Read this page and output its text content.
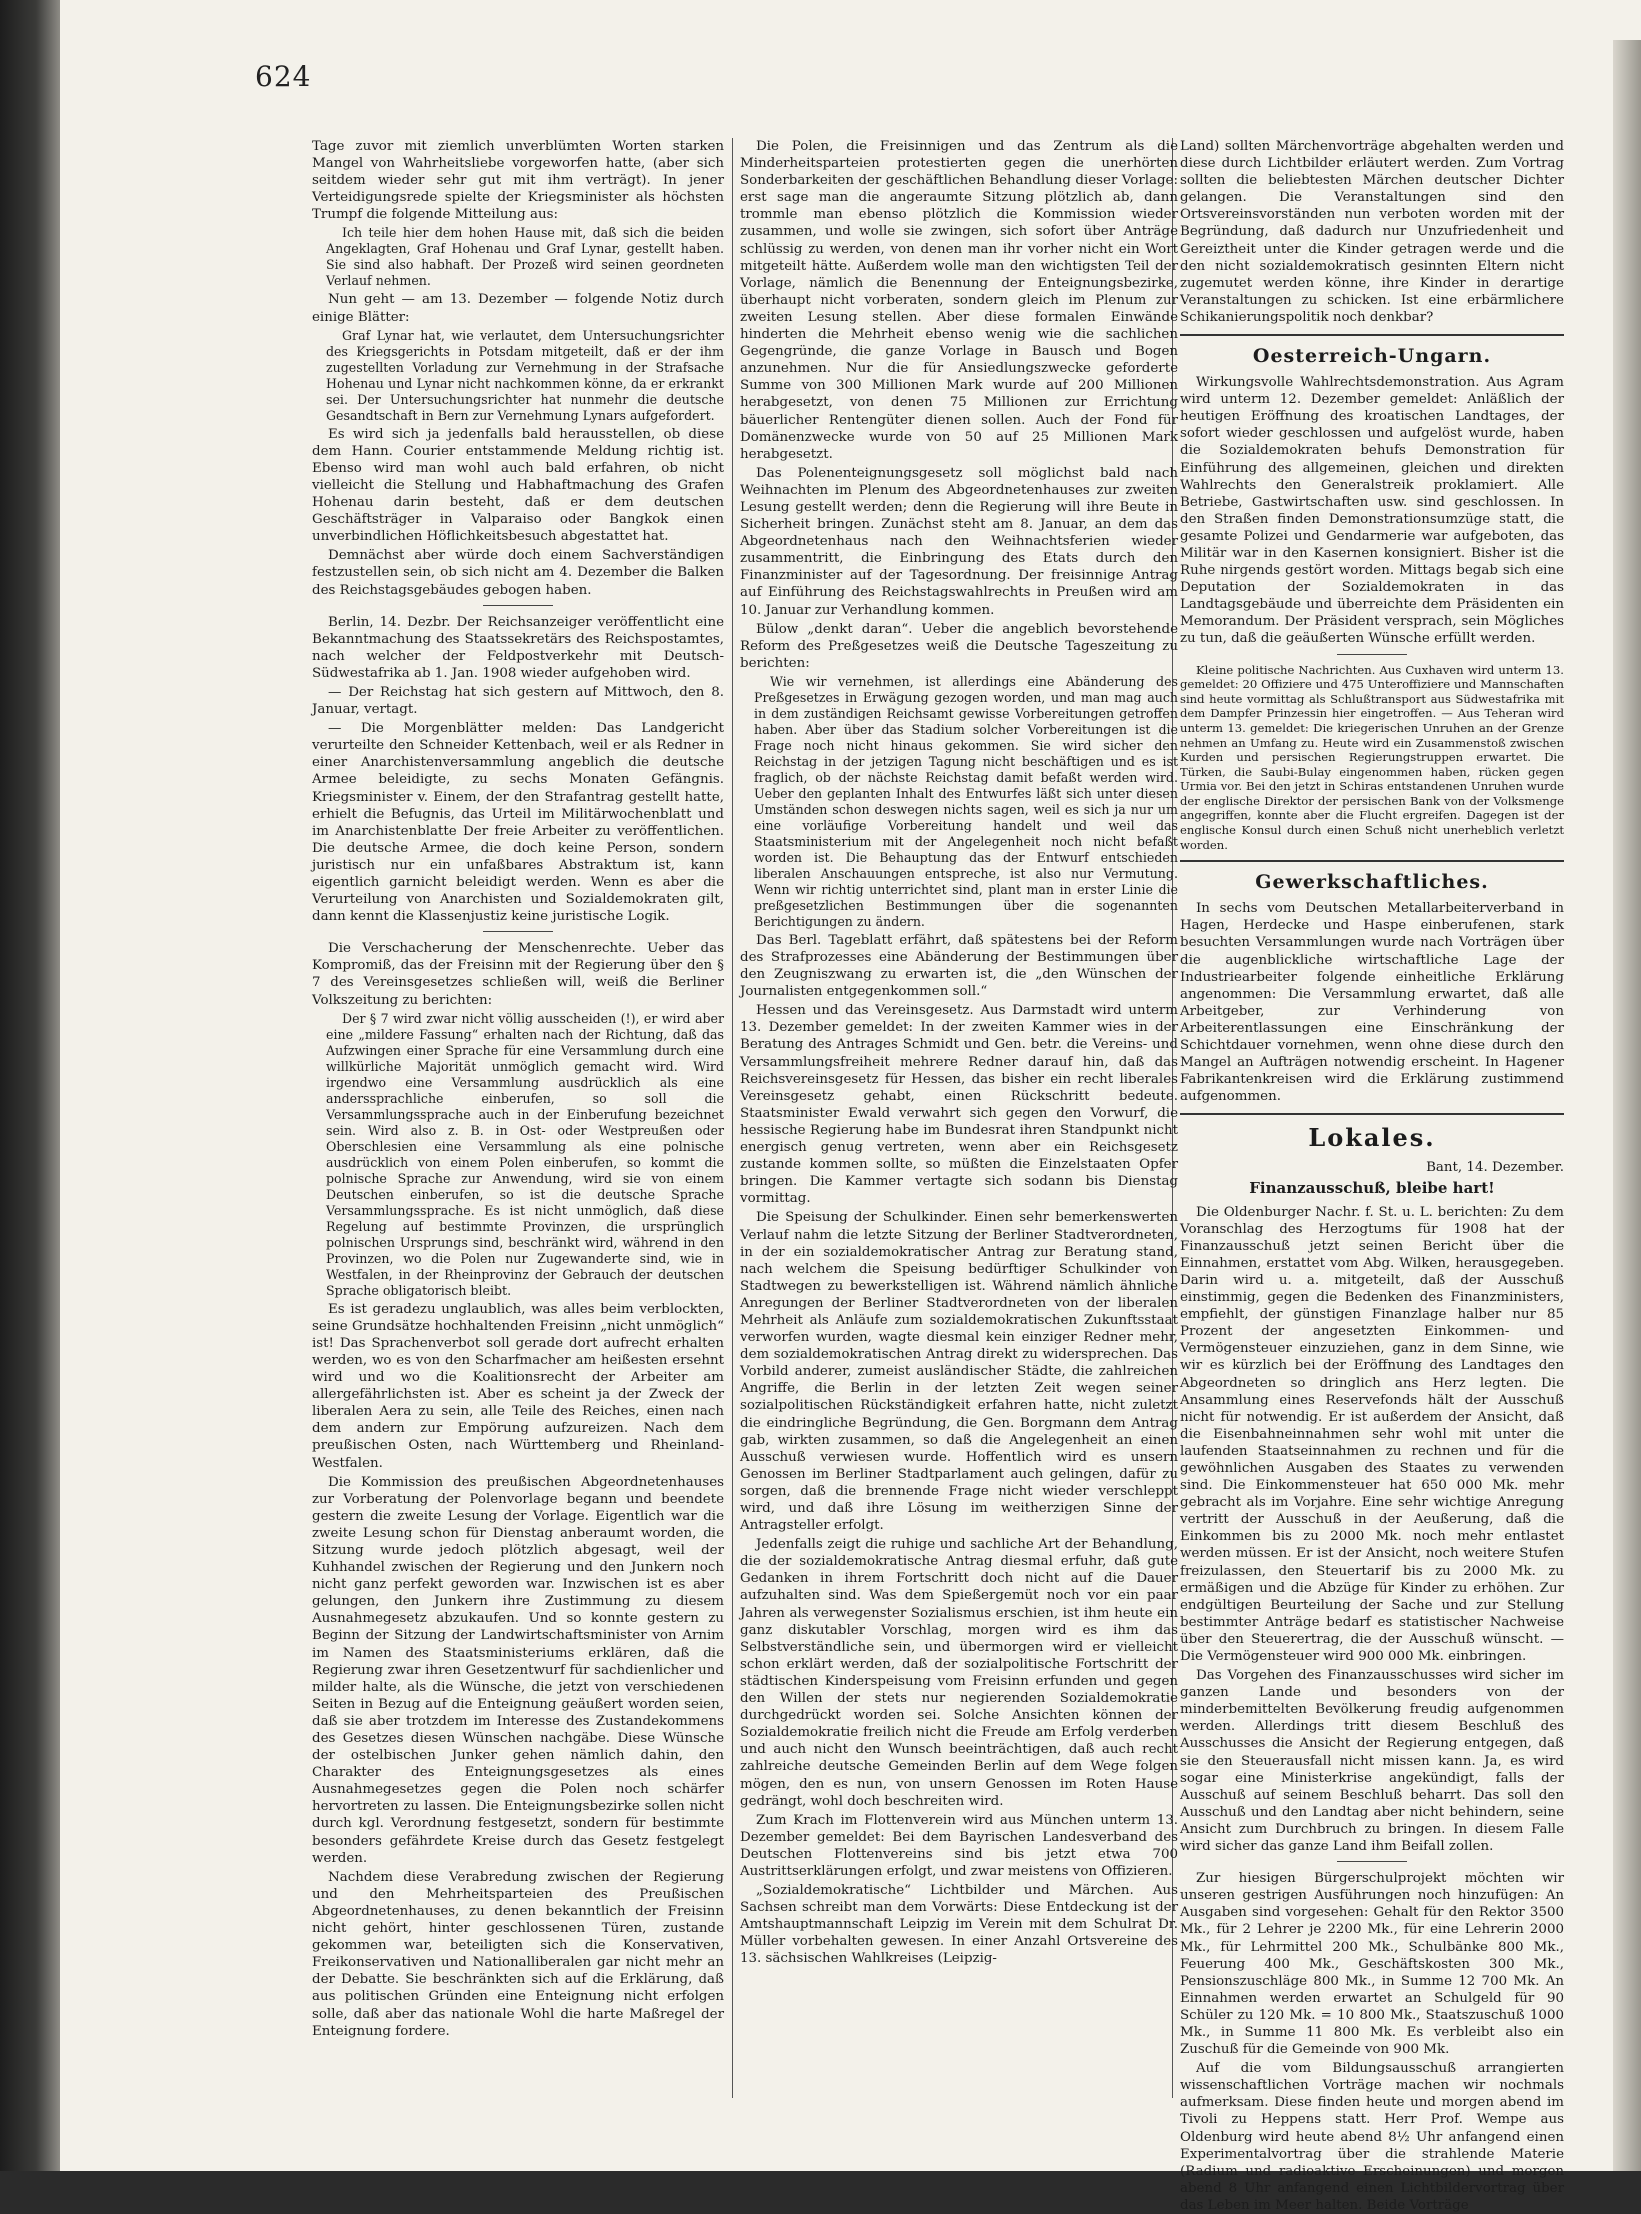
624

Tage zuvor mit ziemlich unverblümten Worten starken Mangel von Wahrheitsliebe vorgeworfen hatte, (aber sich seitdem wieder sehr gut mit ihm verträgt). In jener Verteidigungsrede spielte der Kriegsminister als höchsten Trumpf die folgende Mitteilung aus:

Ich teile hier dem hohen Hause mit, daß sich die beiden Angeklagten, Graf Hohenau und Graf Lynar, gestellt haben. Sie sind also habhaft. Der Prozeß wird seinen geordneten Verlauf nehmen.

Nun geht — am 13. Dezember — folgende Notiz durch einige Blätter:

Graf Lynar hat, wie verlautet, dem Untersuchungsrichter des Kriegsgerichts in Potsdam mitgeteilt, daß er der ihm zugestellten Vorladung zur Vernehmung in der Strafsache Hohenau und Lynar nicht nachkommen könne, da er erkrankt sei. Der Untersuchungsrichter hat nunmehr die deutsche Gesandtschaft in Bern zur Vernehmung Lynars aufgefordert.

Es wird sich ja jedenfalls bald herausstellen, ob diese dem Hann. Courier entstammende Meldung richtig ist. Ebenso wird man wohl auch bald erfahren, ob nicht vielleicht die Stellung und Habhaftmachung des Grafen Hohenau darin besteht, daß er dem deutschen Geschäftsträger in Valparaiso oder Bangkok einen unverbindlichen Höflichkeitsbesuch abgestattet hat.

Demnächst aber würde doch einem Sachverständigen festzustellen sein, ob sich nicht am 4. Dezember die Balken des Reichstagsgebäudes gebogen haben.

Berlin, 14. Dezbr. Der Reichsanzeiger veröffentlicht eine Bekanntmachung des Staatssekretärs des Reichspostamtes, nach welcher der Feldpostverkehr mit Deutsch-Südwestafrika ab 1. Jan. 1908 wieder aufgehoben wird.

— Der Reichstag hat sich gestern auf Mittwoch, den 8. Januar, vertagt.

— Die Morgenblätter melden: Das Landgericht verurteilte den Schneider Kettenbach, weil er als Redner in einer Anarchistenversammlung angeblich die deutsche Armee beleidigte, zu sechs Monaten Gefängnis. Kriegsminister v. Einem, der den Strafantrag gestellt hatte, erhielt die Befugnis, das Urteil im Militärwochenblatt und im Anarchistenblatte Der freie Arbeiter zu veröffentlichen. Die deutsche Armee, die doch keine Person, sondern juristisch nur ein unfaßbares Abstraktum ist, kann eigentlich garnicht beleidigt werden. Wenn es aber die Verurteilung von Anarchisten und Sozialdemokraten gilt, dann kennt die Klassenjustiz keine juristische Logik.

Die Verschacherung der Menschenrechte. Ueber das Kompromiß, das der Freisinn mit der Regierung über den § 7 des Vereinsgesetzes schließen will, weiß die Berliner Volkszeitung zu berichten:

Der § 7 wird zwar nicht völlig ausscheiden (!), er wird aber eine „mildere Fassung“ erhalten nach der Richtung, daß das Aufzwingen einer Sprache für eine Versammlung durch eine willkürliche Majorität unmöglich gemacht wird. Wird irgendwo eine Versammlung ausdrücklich als eine anderssprachliche einberufen, so soll die Versammlungssprache auch in der Einberufung bezeichnet sein. Wird also z. B. in Ost- oder Westpreußen oder Oberschlesien eine Versammlung als eine polnische ausdrücklich von einem Polen einberufen, so kommt die polnische Sprache zur Anwendung, wird sie von einem Deutschen einberufen, so ist die deutsche Sprache Versammlungssprache. Es ist nicht unmöglich, daß diese Regelung auf bestimmte Provinzen, die ursprünglich polnischen Ursprungs sind, beschränkt wird, während in den Provinzen, wo die Polen nur Zugewanderte sind, wie in Westfalen, in der Rheinprovinz der Gebrauch der deutschen Sprache obligatorisch bleibt.

Es ist geradezu unglaublich, was alles beim verblockten, seine Grundsätze hochhaltenden Freisinn „nicht unmöglich“ ist! Das Sprachenverbot soll gerade dort aufrecht erhalten werden, wo es von den Scharfmacher am heißesten ersehnt wird und wo die Koalitionsrecht der Arbeiter am allergefährlichsten ist. Aber es scheint ja der Zweck der liberalen Aera zu sein, alle Teile des Reiches, einen nach dem andern zur Empörung aufzureizen. Nach dem preußischen Osten, nach Württemberg und Rheinland-Westfalen.

Die Kommission des preußischen Abgeordnetenhauses zur Vorberatung der Polenvorlage begann und beendete gestern die zweite Lesung der Vorlage. Eigentlich war die zweite Lesung schon für Dienstag anberaumt worden, die Sitzung wurde jedoch plötzlich abgesagt, weil der Kuhhandel zwischen der Regierung und den Junkern noch nicht ganz perfekt geworden war. Inzwischen ist es aber gelungen, den Junkern ihre Zustimmung zu diesem Ausnahmegesetz abzukaufen. Und so konnte gestern zu Beginn der Sitzung der Landwirtschaftsminister von Arnim im Namen des Staatsministeriums erklären, daß die Regierung zwar ihren Gesetzentwurf für sachdienlicher und milder halte, als die Wünsche, die jetzt von verschiedenen Seiten in Bezug auf die Enteignung geäußert worden seien, daß sie aber trotzdem im Interesse des Zustandekommens des Gesetzes diesen Wünschen nachgäbe. Diese Wünsche der ostelbischen Junker gehen nämlich dahin, den Charakter des Enteignungsgesetzes als eines Ausnahmegesetzes gegen die Polen noch schärfer hervortreten zu lassen. Die Enteignungsbezirke sollen nicht durch kgl. Verordnung festgesetzt, sondern für bestimmte besonders gefährdete Kreise durch das Gesetz festgelegt werden.

Nachdem diese Verabredung zwischen der Regierung und den Mehrheitsparteien des Preußischen Abgeordnetenhauses, zu denen bekanntlich der Freisinn nicht gehört, hinter geschlossenen Türen, zustande gekommen war, beteiligten sich die Konservativen, Freikonservativen und Nationalliberalen gar nicht mehr an der Debatte. Sie beschränkten sich auf die Erklärung, daß aus politischen Gründen eine Enteignung nicht erfolgen solle, daß aber das nationale Wohl die harte Maßregel der Enteignung fordere.

Die Polen, die Freisinnigen und das Zentrum als die Minderheitsparteien protestierten gegen die unerhörten Sonderbarkeiten der geschäftlichen Behandlung dieser Vorlage: erst sage man die angeraumte Sitzung plötzlich ab, dann trommle man ebenso plötzlich die Kommission wieder zusammen, und wolle sie zwingen, sich sofort über Anträge schlüssig zu werden, von denen man ihr vorher nicht ein Wort mitgeteilt hätte. Außerdem wolle man den wichtigsten Teil der Vorlage, nämlich die Benennung der Enteignungsbezirke, überhaupt nicht vorberaten, sondern gleich im Plenum zur zweiten Lesung stellen. Aber diese formalen Einwände hinderten die Mehrheit ebenso wenig wie die sachlichen Gegengründe, die ganze Vorlage in Bausch und Bogen anzunehmen. Nur die für Ansiedlungszwecke geforderte Summe von 300 Millionen Mark wurde auf 200 Millionen herabgesetzt, von denen 75 Millionen zur Errichtung bäuerlicher Rentengüter dienen sollen. Auch der Fond für Domänenzwecke wurde von 50 auf 25 Millionen Mark herabgesetzt.

Das Polenenteignungsgesetz soll möglichst bald nach Weihnachten im Plenum des Abgeordnetenhauses zur zweiten Lesung gestellt werden; denn die Regierung will ihre Beute in Sicherheit bringen. Zunächst steht am 8. Januar, an dem das Abgeordnetenhaus nach den Weihnachtsferien wieder zusammentritt, die Einbringung des Etats durch den Finanzminister auf der Tagesordnung. Der freisinnige Antrag auf Einführung des Reichstagswahlrechts in Preußen wird am 10. Januar zur Verhandlung kommen.

Bülow „denkt daran“. Ueber die angeblich bevorstehende Reform des Preßgesetzes weiß die Deutsche Tageszeitung zu berichten:

Wie wir vernehmen, ist allerdings eine Abänderung des Preßgesetzes in Erwägung gezogen worden, und man mag auch in dem zuständigen Reichsamt gewisse Vorbereitungen getroffen haben. Aber über das Stadium solcher Vorbereitungen ist die Frage noch nicht hinaus gekommen. Sie wird sicher den Reichstag in der jetzigen Tagung nicht beschäftigen und es ist fraglich, ob der nächste Reichstag damit befaßt werden wird. Ueber den geplanten Inhalt des Entwurfes läßt sich unter diesen Umständen schon deswegen nichts sagen, weil es sich ja nur um eine vorläufige Vorbereitung handelt und weil das Staatsministerium mit der Angelegenheit noch nicht befaßt worden ist. Die Behauptung das der Entwurf entschieden liberalen Anschauungen entspreche, ist also nur Vermutung. Wenn wir richtig unterrichtet sind, plant man in erster Linie die preßgesetzlichen Bestimmungen über die sogenannten Berichtigungen zu ändern.

Das Berl. Tageblatt erfährt, daß spätestens bei der Reform des Strafprozesses eine Abänderung der Bestimmungen über den Zeugniszwang zu erwarten ist, die „den Wünschen der Journalisten entgegenkommen soll.“

Hessen und das Vereinsgesetz. Aus Darmstadt wird unterm 13. Dezember gemeldet: In der zweiten Kammer wies in der Beratung des Antrages Schmidt und Gen. betr. die Vereins- und Versammlungsfreiheit mehrere Redner darauf hin, daß das Reichsvereinsgesetz für Hessen, das bisher ein recht liberales Vereinsgesetz gehabt, einen Rückschritt bedeute. Staatsminister Ewald verwahrt sich gegen den Vorwurf, die hessische Regierung habe im Bundesrat ihren Standpunkt nicht energisch genug vertreten, wenn aber ein Reichsgesetz zustande kommen sollte, so müßten die Einzelstaaten Opfer bringen. Die Kammer vertagte sich sodann bis Dienstag vormittag.

Die Speisung der Schulkinder. Einen sehr bemerkenswerten Verlauf nahm die letzte Sitzung der Berliner Stadtverordneten, in der ein sozialdemokratischer Antrag zur Beratung stand, nach welchem die Speisung bedürftiger Schulkinder von Stadtwegen zu bewerkstelligen ist. Während nämlich ähnliche Anregungen der Berliner Stadtverordneten von der liberalen Mehrheit als Anläufe zum sozialdemokratischen Zukunftsstaat verworfen wurden, wagte diesmal kein einziger Redner mehr, dem sozialdemokratischen Antrag direkt zu widersprechen. Das Vorbild anderer, zumeist ausländischer Städte, die zahlreichen Angriffe, die Berlin in der letzten Zeit wegen seiner sozialpolitischen Rückständigkeit erfahren hatte, nicht zuletzt die eindringliche Begründung, die Gen. Borgmann dem Antrag gab, wirkten zusammen, so daß die Angelegenheit an einen Ausschuß verwiesen wurde. Hoffentlich wird es unsern Genossen im Berliner Stadtparlament auch gelingen, dafür zu sorgen, daß die brennende Frage nicht wieder verschleppt wird, und daß ihre Lösung im weitherzigen Sinne der Antragsteller erfolgt.

Jedenfalls zeigt die ruhige und sachliche Art der Behandlung, die der sozialdemokratische Antrag diesmal erfuhr, daß gute Gedanken in ihrem Fortschritt doch nicht auf die Dauer aufzuhalten sind. Was dem Spießergemüt noch vor ein paar Jahren als verwegenster Sozialismus erschien, ist ihm heute ein ganz diskutabler Vorschlag, morgen wird es ihm das Selbstverständliche sein, und übermorgen wird er vielleicht schon erklärt werden, daß der sozialpolitische Fortschritt der städtischen Kinderspeisung vom Freisinn erfunden und gegen den Willen der stets nur negierenden Sozialdemokratie durchgedrückt worden sei. Solche Ansichten können der Sozialdemokratie freilich nicht die Freude am Erfolg verderben und auch nicht den Wunsch beeinträchtigen, daß auch recht zahlreiche deutsche Gemeinden Berlin auf dem Wege folgen mögen, den es nun, von unsern Genossen im Roten Hause gedrängt, wohl doch beschreiten wird.

Zum Krach im Flottenverein wird aus München unterm 13. Dezember gemeldet: Bei dem Bayrischen Landesverband des Deutschen Flottenvereins sind bis jetzt etwa 700 Austrittserklärungen erfolgt, und zwar meistens von Offizieren.

„Sozialdemokratische“ Lichtbilder und Märchen. Aus Sachsen schreibt man dem Vorwärts: Diese Entdeckung ist der Amtshauptmannschaft Leipzig im Verein mit dem Schulrat Dr. Müller vorbehalten gewesen. In einer Anzahl Ortsvereine des 13. sächsischen Wahlkreises (Leipzig-

Land) sollten Märchenvorträge abgehalten werden und diese durch Lichtbilder erläutert werden. Zum Vortrag sollten die beliebtesten Märchen deutscher Dichter gelangen. Die Veranstaltungen sind den Ortsvereinsvorständen nun verboten worden mit der Begründung, daß dadurch nur Unzufriedenheit und Gereiztheit unter die Kinder getragen werde und die den nicht sozialdemokratisch gesinnten Eltern nicht zugemutet werden könne, ihre Kinder in derartige Veranstaltungen zu schicken. Ist eine erbärmlichere Schikanierungspolitik noch denkbar?

Oesterreich-Ungarn.

Wirkungsvolle Wahlrechtsdemonstration. Aus Agram wird unterm 12. Dezember gemeldet: Anläßlich der heutigen Eröffnung des kroatischen Landtages, der sofort wieder geschlossen und aufgelöst wurde, haben die Sozialdemokraten behufs Demonstration für Einführung des allgemeinen, gleichen und direkten Wahlrechts den Generalstreik proklamiert. Alle Betriebe, Gastwirtschaften usw. sind geschlossen. In den Straßen finden Demonstrationsumzüge statt, die gesamte Polizei und Gendarmerie war aufgeboten, das Militär war in den Kasernen konsigniert. Bisher ist die Ruhe nirgends gestört worden. Mittags begab sich eine Deputation der Sozialdemokraten in das Landtagsgebäude und überreichte dem Präsidenten ein Memorandum. Der Präsident versprach, sein Mögliches zu tun, daß die geäußerten Wünsche erfüllt werden.

Kleine politische Nachrichten. Aus Cuxhaven wird unterm 13. gemeldet: 20 Offiziere und 475 Unteroffiziere und Mannschaften sind heute vormittag als Schlußtransport aus Südwestafrika mit dem Dampfer Prinzessin hier eingetroffen. — Aus Teheran wird unterm 13. gemeldet: Die kriegerischen Unruhen an der Grenze nehmen an Umfang zu. Heute wird ein Zusammenstoß zwischen Kurden und persischen Regierungstruppen erwartet. Die Türken, die Saubi-Bulay eingenommen haben, rücken gegen Urmia vor. Bei den jetzt in Schiras entstandenen Unruhen wurde der englische Direktor der persischen Bank von der Volksmenge angegriffen, konnte aber die Flucht ergreifen. Dagegen ist der englische Konsul durch einen Schuß nicht unerheblich verletzt worden.

Gewerkschaftliches.

In sechs vom Deutschen Metallarbeiterverband in Hagen, Herdecke und Haspe einberufenen, stark besuchten Versammlungen wurde nach Vorträgen über die augenblickliche wirtschaftliche Lage der Industriearbeiter folgende einheitliche Erklärung angenommen: Die Versammlung erwartet, daß alle Arbeitgeber, zur Verhinderung von Arbeiterentlassungen eine Einschränkung der Schichtdauer vornehmen, wenn ohne diese durch den Mangel an Aufträgen notwendig erscheint. In Hagener Fabrikantenkreisen wird die Erklärung zustimmend aufgenommen.

Lokales.
Bant, 14. Dezember.
Finanzausschuß, bleibe hart!

Die Oldenburger Nachr. f. St. u. L. berichten: Zu dem Voranschlag des Herzogtums für 1908 hat der Finanzausschuß jetzt seinen Bericht über die Einnahmen, erstattet vom Abg. Wilken, herausgegeben. Darin wird u. a. mitgeteilt, daß der Ausschuß einstimmig, gegen die Bedenken des Finanzministers, empfiehlt, der günstigen Finanzlage halber nur 85 Prozent der angesetzten Einkommen- und Vermögensteuer einzuziehen, ganz in dem Sinne, wie wir es kürzlich bei der Eröffnung des Landtages den Abgeordneten so dringlich ans Herz legten. Die Ansammlung eines Reservefonds hält der Ausschuß nicht für notwendig. Er ist außerdem der Ansicht, daß die Eisenbahneinnahmen sehr wohl mit unter die laufenden Staatseinnahmen zu rechnen und für die gewöhnlichen Ausgaben des Staates zu verwenden sind. Die Einkommensteuer hat 650 000 Mk. mehr gebracht als im Vorjahre. Eine sehr wichtige Anregung vertritt der Ausschuß in der Aeußerung, daß die Einkommen bis zu 2000 Mk. noch mehr entlastet werden müssen. Er ist der Ansicht, noch weitere Stufen freizulassen, den Steuertarif bis zu 2000 Mk. zu ermäßigen und die Abzüge für Kinder zu erhöhen. Zur endgültigen Beurteilung der Sache und zur Stellung bestimmter Anträge bedarf es statistischer Nachweise über den Steuerertrag, die der Ausschuß wünscht. — Die Vermögensteuer wird 900 000 Mk. einbringen.

Das Vorgehen des Finanzausschusses wird sicher im ganzen Lande und besonders von der minderbemittelten Bevölkerung freudig aufgenommen werden. Allerdings tritt diesem Beschluß des Ausschusses die Ansicht der Regierung entgegen, daß sie den Steuerausfall nicht missen kann. Ja, es wird sogar eine Ministerkrise angekündigt, falls der Ausschuß auf seinem Beschluß beharrt. Das soll den Ausschuß und den Landtag aber nicht behindern, seine Ansicht zum Durchbruch zu bringen. In diesem Falle wird sicher das ganze Land ihm Beifall zollen.

Zur hiesigen Bürgerschulprojekt möchten wir unseren gestrigen Ausführungen noch hinzufügen: An Ausgaben sind vorgesehen: Gehalt für den Rektor 3500 Mk., für 2 Lehrer je 2200 Mk., für eine Lehrerin 2000 Mk., für Lehrmittel 200 Mk., Schulbänke 800 Mk., Feuerung 400 Mk., Geschäftskosten 300 Mk., Pensionszuschläge 800 Mk., in Summe 12 700 Mk. An Einnahmen werden erwartet an Schulgeld für 90 Schüler zu 120 Mk. = 10 800 Mk., Staatszuschuß 1000 Mk., in Summe 11 800 Mk. Es verbleibt also ein Zuschuß für die Gemeinde von 900 Mk.

Auf die vom Bildungsausschuß arrangierten wissenschaftlichen Vorträge machen wir nochmals aufmerksam. Diese finden heute und morgen abend im Tivoli zu Heppens statt. Herr Prof. Wempe aus Oldenburg wird heute abend 8½ Uhr anfangend einen Experimentalvortrag über die strahlende Materie (Radium und radioaktive Erscheinungen) und morgen abend 8 Uhr anfangend einen Lichtbildervortrag über das Leben im Meer halten. Beide Vorträge
